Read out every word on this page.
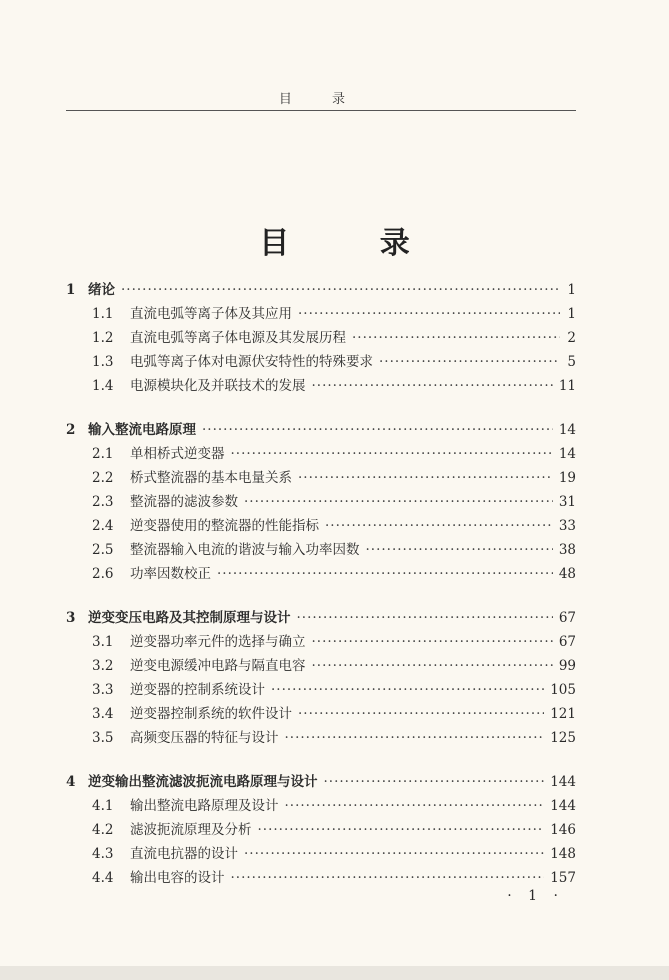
目 录
目 录
1 绪论 ·····	1
1.1	直流电弧等离子体及其应用 ·····	1
1.2	直流电弧等离子体电源及其发展历程 ·····	2
1.3	电弧等离子体对电源伏安特性的特殊要求 ·····	5
1.4	电源模块化及并联技术的发展 ·····	11
2 输入整流电路原理 ·····	14
2.1	单相桥式逆变器 ·····	14
2.2	桥式整流器的基本电量关系 ·····	19
2.3	整流器的滤波参数 ·····	31
2.4	逆变器使用的整流器的性能指标 ·····	33
2.5	整流器输入电流的谐波与输入功率因数 ·····	38
2.6	功率因数校正 ·····	48
3 逆变变压电路及其控制原理与设计 ·····	67
3.1	逆变器功率元件的选择与确立 ·····	67
3.2	逆变电源缓冲电路与隔直电容 ·····	99
3.3	逆变器的控制系统设计 ·····	105
3.4	逆变器控制系统的软件设计 ·····	121
3.5	高频变压器的特征与设计 ·····	125
4 逆变输出整流滤波扼流电路原理与设计 ·····	144
4.1	输出整流电路原理及设计 ·····	144
4.2	滤波扼流原理及分析 ·····	146
4.3	直流电抗器的设计 ·····	148
4.4	输出电容的设计 ·····	157
· 1 ·
